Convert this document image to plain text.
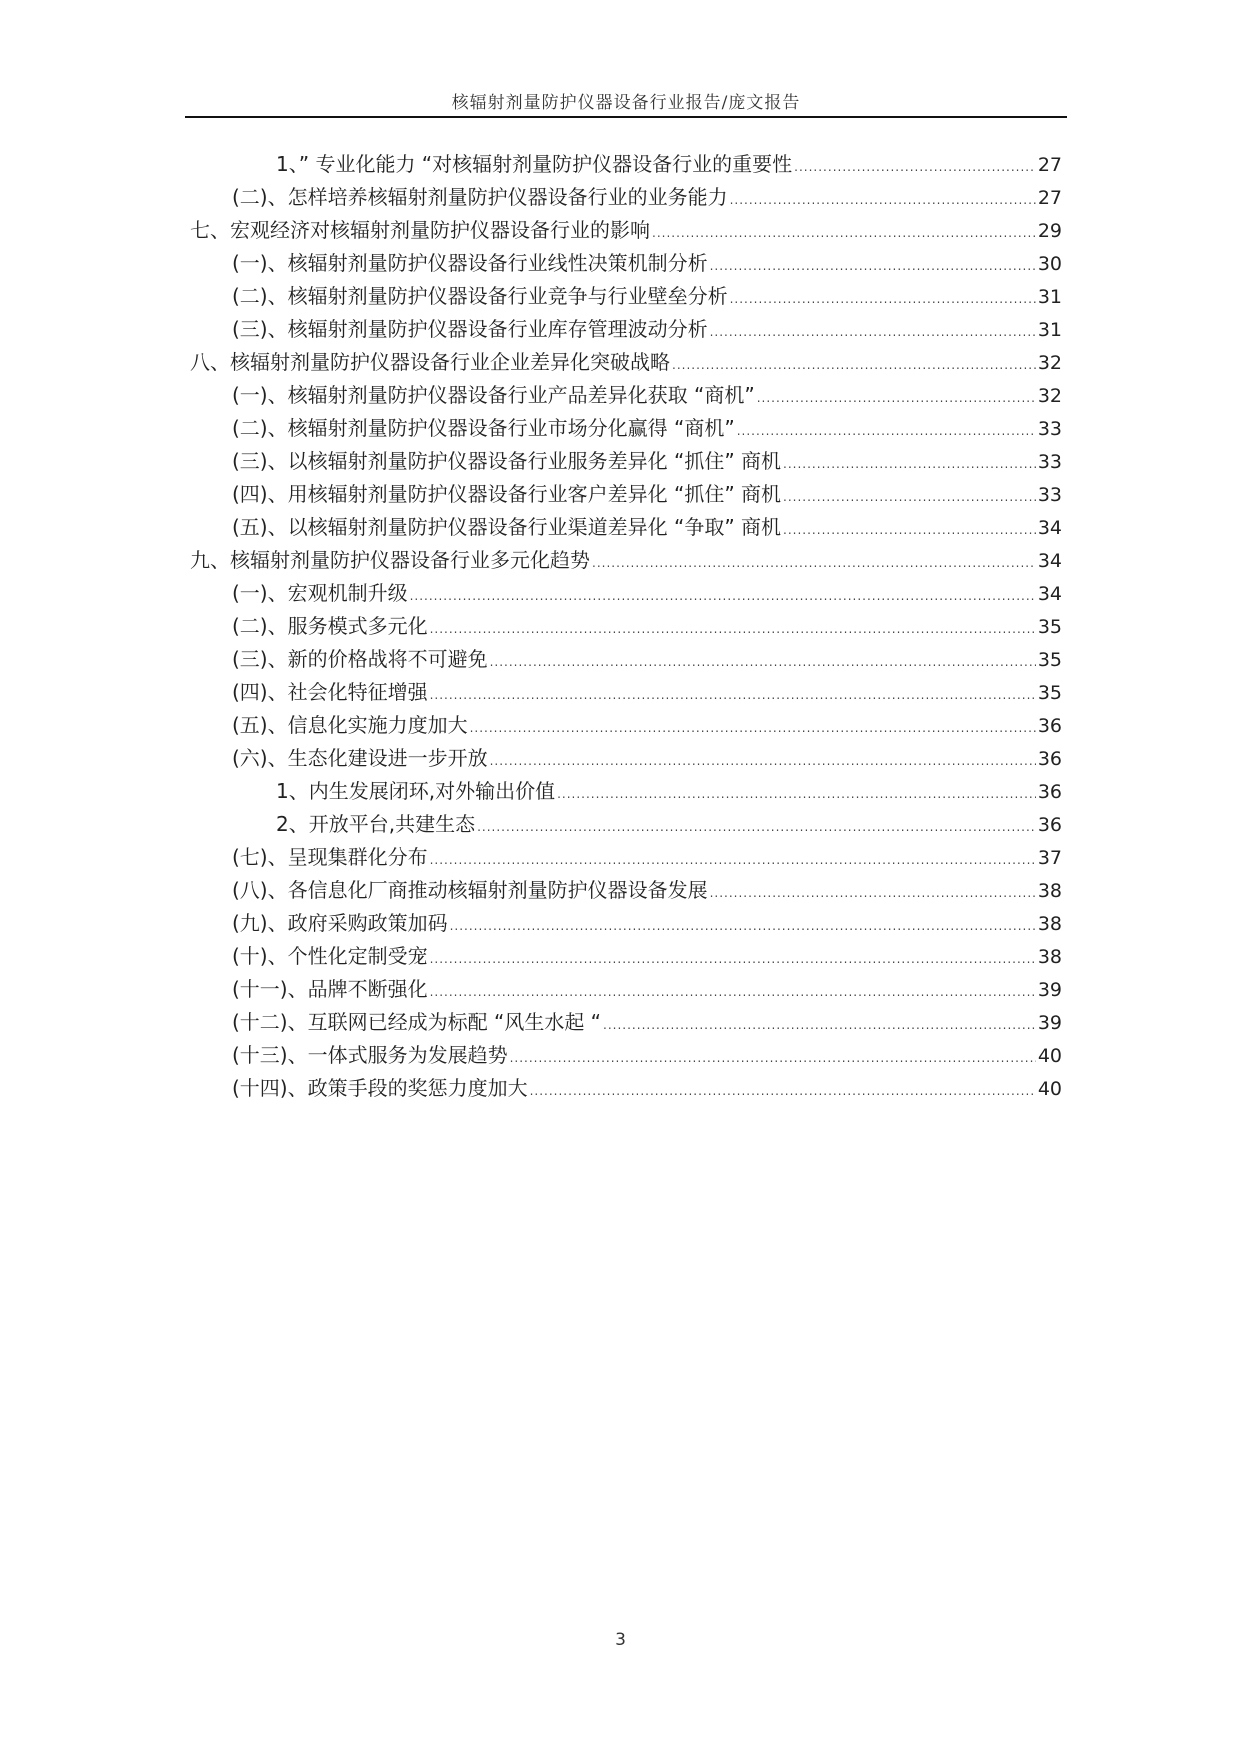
核辐射剂量防护仪器设备行业报告/庞文报告
1、” 专业化能力 “对核辐射剂量防护仪器设备行业的重要性 .....	27
(二)、怎样培养核辐射剂量防护仪器设备行业的业务能力 .....	27
七、宏观经济对核辐射剂量防护仪器设备行业的影响 .....	29
(一)、核辐射剂量防护仪器设备行业线性决策机制分析 .....	30
(二)、核辐射剂量防护仪器设备行业竞争与行业壁垒分析 .....	31
(三)、核辐射剂量防护仪器设备行业库存管理波动分析 .....	31
八、核辐射剂量防护仪器设备行业企业差异化突破战略 .....	32
(一)、核辐射剂量防护仪器设备行业产品差异化获取 “商机” .....	32
(二)、核辐射剂量防护仪器设备行业市场分化赢得 “商机” .....	33
(三)、以核辐射剂量防护仪器设备行业服务差异化 “抓住” 商机 .....	33
(四)、用核辐射剂量防护仪器设备行业客户差异化 “抓住” 商机 .....	33
(五)、以核辐射剂量防护仪器设备行业渠道差异化 “争取” 商机 .....	34
九、核辐射剂量防护仪器设备行业多元化趋势 .....	34
(一)、宏观机制升级 .....	34
(二)、服务模式多元化 .....	35
(三)、新的价格战将不可避免 .....	35
(四)、社会化特征增强 .....	35
(五)、信息化实施力度加大 .....	36
(六)、生态化建设进一步开放 .....	36
1、内生发展闭环,对外输出价值 .....	36
2、开放平台,共建生态 .....	36
(七)、呈现集群化分布 .....	37
(八)、各信息化厂商推动核辐射剂量防护仪器设备发展 .....	38
(九)、政府采购政策加码 .....	38
(十)、个性化定制受宠 .....	38
(十一)、品牌不断强化 .....	39
(十二)、互联网已经成为标配 “风生水起 “ .....	39
(十三)、一体式服务为发展趋势 .....	40
(十四)、政策手段的奖惩力度加大 .....	40
3
